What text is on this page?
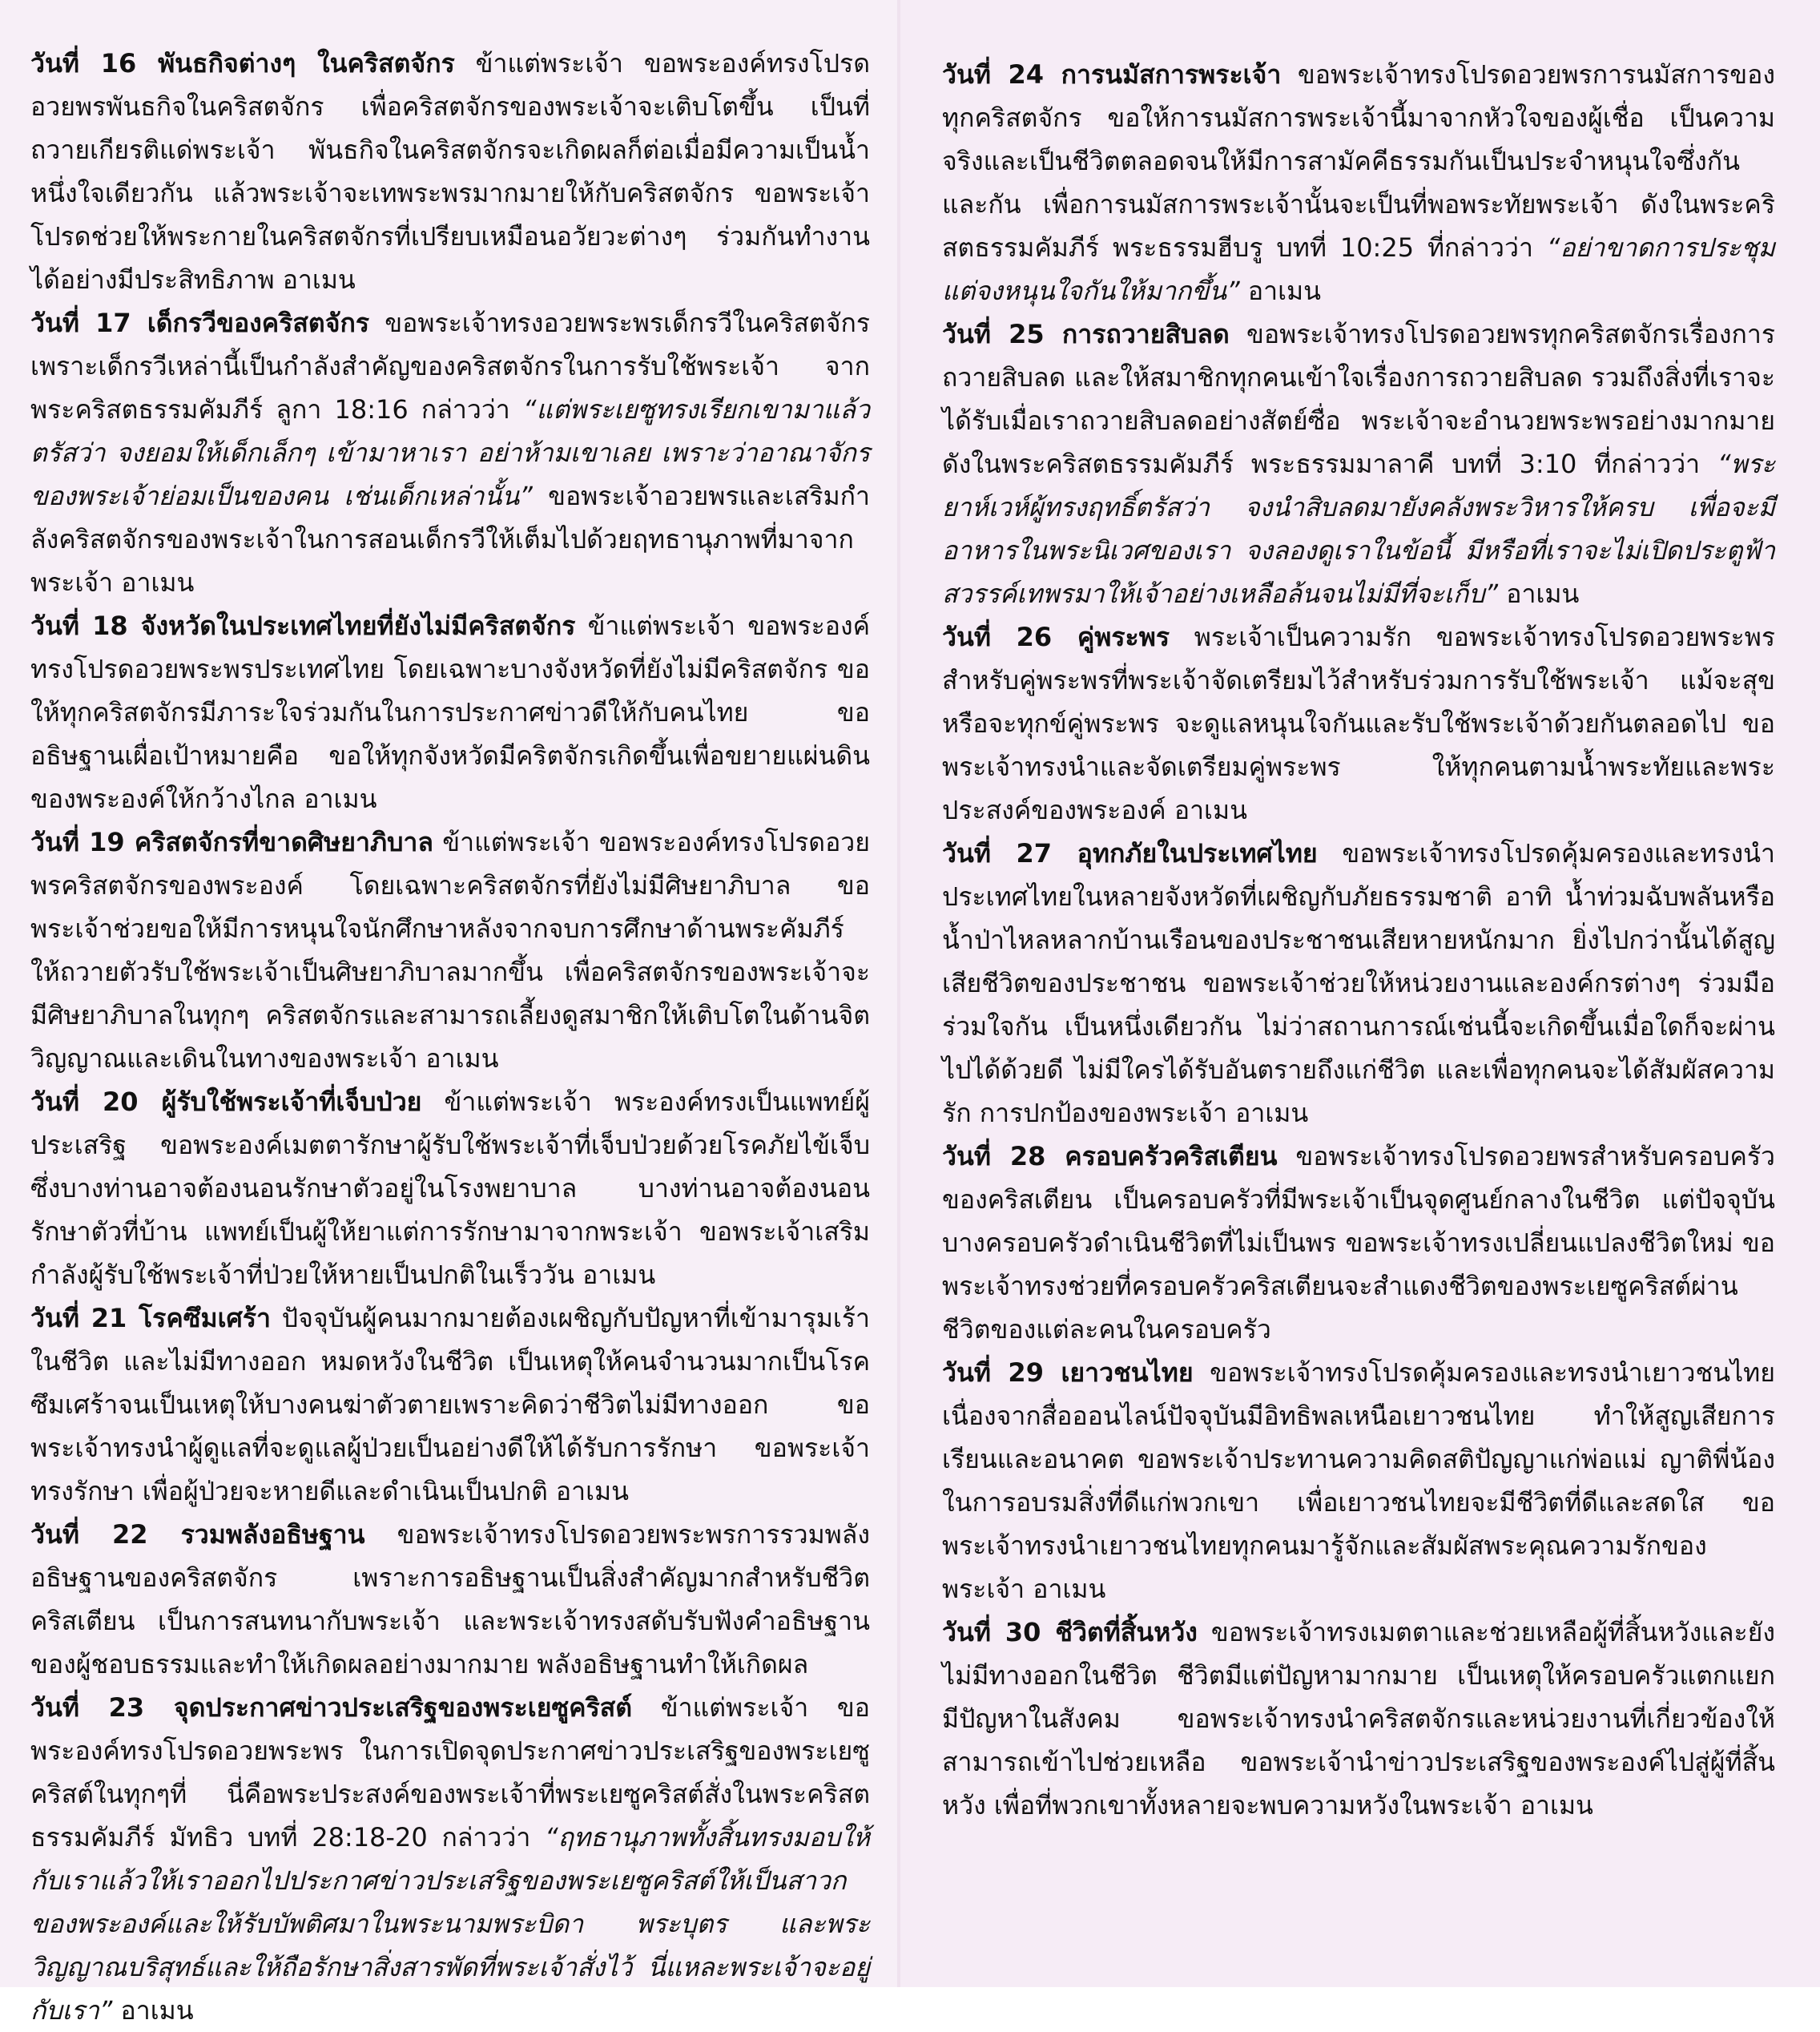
วันที่ 16 พันธกิจต่างๆ ในคริสตจักร ข้าแต่พระเจ้า ขอพระองค์ทรงโปรดอวยพรพันธกิจในคริสตจักร เพื่อคริสตจักรของพระเจ้าจะเติบโตขึ้น เป็นที่ถวายเกียรติแด่พระเจ้า พันธกิจในคริสตจักรจะเกิดผลก็ต่อเมื่อมีความเป็นน้ำหนึ่งใจเดียวกัน แล้วพระเจ้าจะเทพระพรมากมายให้กับคริสตจักร ขอพระเจ้าโปรดช่วยให้พระกายในคริสตจักรที่เปรียบเหมือนอวัยวะต่างๆ ร่วมกันทำงานได้อย่างมีประสิทธิภาพ อาเมน

วันที่ 17 เด็กรวีของคริสตจักร ขอพระเจ้าทรงอวยพระพรเด็กรวีในคริสตจักร เพราะเด็กรวีเหล่านี้เป็นกำลังสำคัญของคริสตจักรในการรับใช้พระเจ้า จากพระคริสตธรรมคัมภีร์ ลูกา 18:16 กล่าวว่า “แต่พระเยซูทรงเรียกเขามาแล้วตรัสว่า จงยอมให้เด็กเล็กๆ เข้ามาหาเรา อย่าห้ามเขาเลย เพราะว่าอาณาจักรของพระเจ้าย่อมเป็นของคน เช่นเด็กเหล่านั้น” ขอพระเจ้าอวยพรและเสริมกำลังคริสตจักรของพระเจ้าในการสอนเด็กรวีให้เต็มไปด้วยฤทธานุภาพที่มาจากพระเจ้า อาเมน

วันที่ 18 จังหวัดในประเทศไทยที่ยังไม่มีคริสตจักร ข้าแต่พระเจ้า ขอพระองค์ทรงโปรดอวยพระพรประเทศไทย โดยเฉพาะบางจังหวัดที่ยังไม่มีคริสตจักร ขอให้ทุกคริสตจักรมีภาระใจร่วมกันในการประกาศข่าวดีให้กับคนไทย ขออธิษฐานเผื่อเป้าหมายคือ ขอให้ทุกจังหวัดมีคริตจักรเกิดขึ้นเพื่อขยายแผ่นดินของพระองค์ให้กว้างไกล อาเมน

วันที่ 19 คริสตจักรที่ขาดศิษยาภิบาล ข้าแต่พระเจ้า ขอพระองค์ทรงโปรดอวยพรคริสตจักรของพระองค์ โดยเฉพาะคริสตจักรที่ยังไม่มีศิษยาภิบาล ขอพระเจ้าช่วยขอให้มีการหนุนใจนักศึกษาหลังจากจบการศึกษาด้านพระคัมภีร์ ให้ถวายตัวรับใช้พระเจ้าเป็นศิษยาภิบาลมากขึ้น เพื่อคริสตจักรของพระเจ้าจะมีศิษยาภิบาลในทุกๆ คริสตจักรและสามารถเลี้ยงดูสมาชิกให้เติบโตในด้านจิตวิญญาณและเดินในทางของพระเจ้า อาเมน

วันที่ 20 ผู้รับใช้พระเจ้าที่เจ็บป่วย ข้าแต่พระเจ้า พระองค์ทรงเป็นแพทย์ผู้ประเสริฐ ขอพระองค์เมตตารักษาผู้รับใช้พระเจ้าที่เจ็บป่วยด้วยโรคภัยไข้เจ็บซึ่งบางท่านอาจต้องนอนรักษาตัวอยู่ในโรงพยาบาล บางท่านอาจต้องนอนรักษาตัวที่บ้าน แพทย์เป็นผู้ให้ยาแต่การรักษามาจากพระเจ้า ขอพระเจ้าเสริมกำลังผู้รับใช้พระเจ้าที่ป่วยให้หายเป็นปกติในเร็ววัน อาเมน

วันที่ 21 โรคซึมเศร้า ปัจจุบันผู้คนมากมายต้องเผชิญกับปัญหาที่เข้ามารุมเร้าในชีวิต และไม่มีทางออก หมดหวังในชีวิต เป็นเหตุให้คนจำนวนมากเป็นโรคซึมเศร้าจนเป็นเหตุให้บางคนฆ่าตัวตายเพราะคิดว่าชีวิตไม่มีทางออก ขอพระเจ้าทรงนำผู้ดูแลที่จะดูแลผู้ป่วยเป็นอย่างดีให้ได้รับการรักษา ขอพระเจ้าทรงรักษา เพื่อผู้ป่วยจะหายดีและดำเนินเป็นปกติ อาเมน

วันที่ 22 รวมพลังอธิษฐาน ขอพระเจ้าทรงโปรดอวยพระพรการรวมพลังอธิษฐานของคริสตจักร เพราะการอธิษฐานเป็นสิ่งสำคัญมากสำหรับชีวิตคริสเตียน เป็นการสนทนากับพระเจ้า และพระเจ้าทรงสดับรับฟังคำอธิษฐานของผู้ชอบธรรมและทำให้เกิดผลอย่างมากมาย พลังอธิษฐานทำให้เกิดผล

วันที่ 23 จุดประกาศข่าวประเสริฐของพระเยซูคริสต์ ข้าแต่พระเจ้า ขอพระองค์ทรงโปรดอวยพระพร ในการเปิดจุดประกาศข่าวประเสริฐของพระเยซูคริสต์ในทุกๆที่ นี่คือพระประสงค์ของพระเจ้าที่พระเยซูคริสต์สั่งในพระคริสตธรรมคัมภีร์ มัทธิว บทที่ 28:18-20 กล่าวว่า “ฤทธานุภาพทั้งสิ้นทรงมอบให้กับเราแล้วให้เราออกไปประกาศข่าวประเสริฐของพระเยซูคริสต์ให้เป็นสาวกของพระองค์และให้รับบัพติศมาในพระนามพระบิดา พระบุตร และพระวิญญาณบริสุทธ์และให้ถือรักษาสิ่งสารพัดที่พระเจ้าสั่งไว้ นี่แหละพระเจ้าจะอยู่กับเรา” อาเมน

วันที่ 24 การนมัสการพระเจ้า ขอพระเจ้าทรงโปรดอวยพรการนมัสการของทุกคริสตจักร ขอให้การนมัสการพระเจ้านี้มาจากหัวใจของผู้เชื่อ เป็นความจริงและเป็นชีวิตตลอดจนให้มีการสามัคคีธรรมกันเป็นประจำหนุนใจซึ่งกันและกัน เพื่อการนมัสการพระเจ้านั้นจะเป็นที่พอพระทัยพระเจ้า ดังในพระคริสตธรรมคัมภีร์ พระธรรมฮีบรู บทที่ 10:25 ที่กล่าวว่า “อย่าขาดการประชุม แต่จงหนุนใจกันให้มากขึ้น” อาเมน

วันที่ 25 การถวายสิบลด ขอพระเจ้าทรงโปรดอวยพรทุกคริสตจักรเรื่องการถวายสิบลด และให้สมาชิกทุกคนเข้าใจเรื่องการถวายสิบลด รวมถึงสิ่งที่เราจะได้รับเมื่อเราถวายสิบลดอย่างสัตย์ซื่อ พระเจ้าจะอำนวยพระพรอย่างมากมาย ดังในพระคริสตธรรมคัมภีร์ พระธรรมมาลาคี บทที่ 3:10 ที่กล่าวว่า “พระยาห์เวห์ผู้ทรงฤทธิ์ตรัสว่า จงนำสิบลดมายังคลังพระวิหารให้ครบ เพื่อจะมีอาหารในพระนิเวศของเรา จงลองดูเราในข้อนี้ มีหรือที่เราจะไม่เปิดประตูฟ้าสวรรค์เทพรมาให้เจ้าอย่างเหลือล้นจนไม่มีที่จะเก็บ” อาเมน

วันที่ 26 คู่พระพร พระเจ้าเป็นความรัก ขอพระเจ้าทรงโปรดอวยพระพร สำหรับคู่พระพรที่พระเจ้าจัดเตรียมไว้สำหรับร่วมการรับใช้พระเจ้า แม้จะสุขหรือจะทุกข์คู่พระพร จะดูแลหนุนใจกันและรับใช้พระเจ้าด้วยกันตลอดไป ขอพระเจ้าทรงนำและจัดเตรียมคู่พระพร ให้ทุกคนตามน้ำพระทัยและพระประสงค์ของพระองค์ อาเมน

วันที่ 27 อุทกภัยในประเทศไทย ขอพระเจ้าทรงโปรดคุ้มครองและทรงนำประเทศไทยในหลายจังหวัดที่เผชิญกับภัยธรรมชาติ อาทิ น้ำท่วมฉับพลันหรือน้ำป่าไหลหลากบ้านเรือนของประชาชนเสียหายหนักมาก ยิ่งไปกว่านั้นได้สูญเสียชีวิตของประชาชน ขอพระเจ้าช่วยให้หน่วยงานและองค์กรต่างๆ ร่วมมือร่วมใจกัน เป็นหนึ่งเดียวกัน ไม่ว่าสถานการณ์เช่นนี้จะเกิดขึ้นเมื่อใดก็จะผ่านไปได้ด้วยดี ไม่มีใครได้รับอันตรายถึงแก่ชีวิต และเพื่อทุกคนจะได้สัมผัสความรัก การปกป้องของพระเจ้า อาเมน

วันที่ 28 ครอบครัวคริสเตียน ขอพระเจ้าทรงโปรดอวยพรสำหรับครอบครัวของคริสเตียน เป็นครอบครัวที่มีพระเจ้าเป็นจุดศูนย์กลางในชีวิต แต่ปัจจุบันบางครอบครัวดำเนินชีวิตที่ไม่เป็นพร ขอพระเจ้าทรงเปลี่ยนแปลงชีวิตใหม่ ขอพระเจ้าทรงช่วยที่ครอบครัวคริสเตียนจะสำแดงชีวิตของพระเยซูคริสต์ผ่านชีวิตของแต่ละคนในครอบครัว

วันที่ 29 เยาวชนไทย ขอพระเจ้าทรงโปรดคุ้มครองและทรงนำเยาวชนไทยเนื่องจากสื่อออนไลน์ปัจจุบันมีอิทธิพลเหนือเยาวชนไทย ทำให้สูญเสียการเรียนและอนาคต ขอพระเจ้าประทานความคิดสติปัญญาแก่พ่อแม่ ญาติพี่น้องในการอบรมสิ่งที่ดีแก่พวกเขา เพื่อเยาวชนไทยจะมีชีวิตที่ดีและสดใส ขอพระเจ้าทรงนำเยาวชนไทยทุกคนมารู้จักและสัมผัสพระคุณความรักของพระเจ้า อาเมน

วันที่ 30 ชีวิตที่สิ้นหวัง ขอพระเจ้าทรงเมตตาและช่วยเหลือผู้ที่สิ้นหวังและยังไม่มีทางออกในชีวิต ชีวิตมีแต่ปัญหามากมาย เป็นเหตุให้ครอบครัวแตกแยก มีปัญหาในสังคม ขอพระเจ้าทรงนำคริสตจักรและหน่วยงานที่เกี่ยวข้องให้สามารถเข้าไปช่วยเหลือ ขอพระเจ้านำข่าวประเสริฐของพระองค์ไปสู่ผู้ที่สิ้นหวัง เพื่อที่พวกเขาทั้งหลายจะพบความหวังในพระเจ้า อาเมน
